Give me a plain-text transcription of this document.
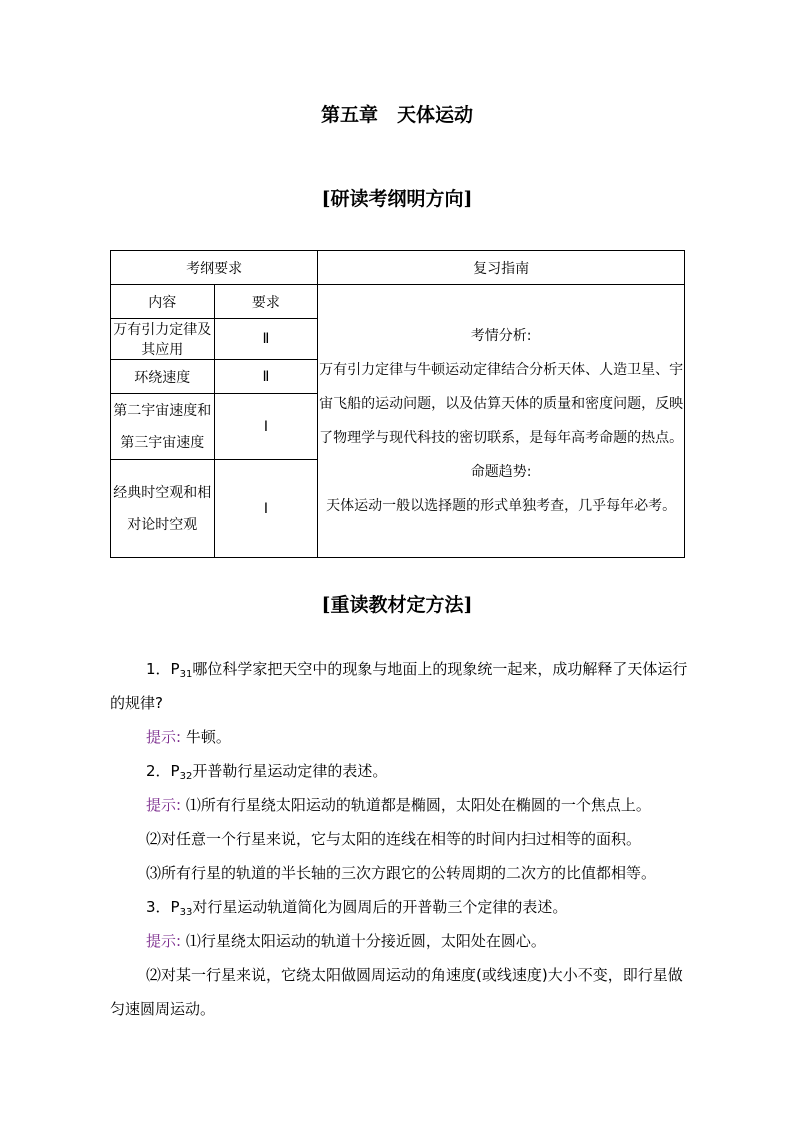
第五章　天体运动
[研读考纲明方向]
考纲要求		复习指南
内容	要求	考情分析:
万有引力定律与牛顿运动定律结合分析天体、人造卫星、宇宙飞船的运动问题，以及估算天体的质量和密度问题，反映了物理学与现代科技的密切联系，是每年高考命题的热点。
命题趋势:
天体运动一般以选择题的形式单独考查，几乎每年必考。
万有引力定律及其应用	Ⅱ	
环绕速度	Ⅱ	
第二宇宙速度和第三宇宙速度	Ⅰ	
经典时空观和相对论时空观	Ⅰ	
[重读教材定方法]

1．$P_{31}$哪位科学家把天空中的现象与地面上的现象统一起来，成功解释了天体运行的规律?

提示: 牛顿。

2．$P_{32}$开普勒行星运动定律的表述。

提示: ⑴所有行星绕太阳运动的轨道都是椭圆，太阳处在椭圆的一个焦点上。

⑵对任意一个行星来说，它与太阳的连线在相等的时间内扫过相等的面积。

⑶所有行星的轨道的半长轴的三次方跟它的公转周期的二次方的比值都相等。

3．$P_{33}$对行星运动轨道简化为圆周后的开普勒三个定律的表述。

提示: ⑴行星绕太阳运动的轨道十分接近圆，太阳处在圆心。

⑵对某一行星来说，它绕太阳做圆周运动的角速度(或线速度)大小不变，即行星做匀速圆周运动。
